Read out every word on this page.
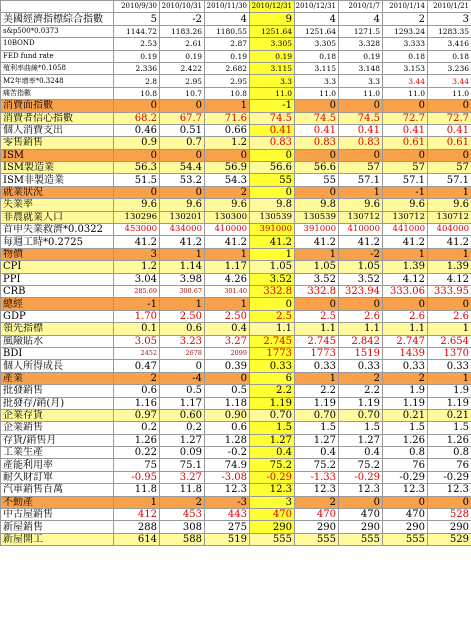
	2010/9/30	2010/10/31	2010/11/30	2010/12/31	2010/12/31	2010/1/7	2010/1/14	2010/1/21
美國經濟指標綜合指數	5	-2	4	9	4	4	2	3
s&p500*0.0373	1144.72	1183.26	1180.55	1251.64	1251.64	1271.5	1293.24	1283.35
10BOND	2.53	2.61	2.87	3.305	3.305	3.328	3.333	3.416
FED fund rate	0.19	0.19	0.19	0.19	0.18	0.19	0.18	0.18
殖利率曲線*0.1058	2.336	2.422	2.682	3.115	3.115	3.148	3.153	3.236
M2年增率*0.3248	2.8	2.95	2.95	3.3	3.3	3.3	3.44	3.44
痛苦指數	10.8	10.7	10.8	11.0	11.0	11.0	11.0	11.0
消費面指數	0	0	1	-1	0	0	0	0
消費者信心指數	68.2	67.7	71.6	74.5	74.5	74.5	72.7	72.7
個人消費支出	0.46	0.51	0.66	0.41	0.41	0.41	0.41	0.41
零售銷售	0.9	0.7	1.2	0.83	0.83	0.83	0.61	0.61
ISM	0	0	0	0	0	0	0	0
ISM製造業	56.3	54.4	56.9	56.6	56.6	57	57	57
ISM非製造業	51.5	53.2	54.3	55	55	57.1	57.1	57.1
就業狀況	0	0	2	0	0	1	-1	1
失業率	9.6	9.6	9.6	9.8	9.8	9.6	9.6	9.6
非農就業人口	130296	130201	130300	130539	130539	130712	130712	130712
首申失業救濟*0.0322	453000	434000	410000	391000	391000	410000	441000	404000
每週工時*0.2725	41.2	41.2	41.2	41.2	41.2	41.2	41.2	41.2
物價	3	1	1	1	1	-2	1	1
CPI	1.2	1.14	1.17	1.05	1.05	1.05	1.39	1.39
PPI	3.04	3.98	4.26	3.52	3.52	3.52	4.12	4.12
CRB	285.69	300.67	301.40	332.8	332.8	323.94	333.06	333.95
總經	-1	1	1	0	0	0	0	0
GDP	1.70	2.50	2.50	2.5	2.5	2.6	2.6	2.6
領先指標	0.1	0.6	0.4	1.1	1.1	1.1	1.1	1
風險貼水	3.05	3.23	3.27	2.745	2.745	2.842	2.747	2.654
BDI	2452	2678	2099	1773	1773	1519	1439	1370
個人所得成長	0.47	0	0.39	0.33	0.33	0.33	0.33	0.33
產業	2	-4	0	6	1	2	2	1
批發銷售	0.6	0.5	0.5	2.2	2.2	2.2	1.9	1.9
批發存/銷(月)	1.16	1.17	1.18	1.19	1.19	1.19	1.19	1.19
企業存貨	0.97	0.60	0.90	0.70	0.70	0.70	0.21	0.21
企業銷售	0.2	0.2	0.6	1.5	1.5	1.5	1.5	1.5
存貨/銷售月	1.26	1.27	1.28	1.27	1.27	1.27	1.26	1.26
工業生產	0.22	0.09	-0.2	0.4	0.4	0.4	0.8	0.8
產能利用率	75	75.1	74.9	75.2	75.2	75.2	76	76
耐久財訂單	-0.95	3.27	-3.08	-0.29	-1.33	-0.29	-0.29	-0.29
汽車銷售百萬	11.8	11.8	12.3	12.3	12.3	12.3	12.3	12.3
不動產	1	2	-3	3	2	0	0	0
中古屋銷售	412	453	443	470	470	470	470	528
新屋銷售	288	308	275	290	290	290	290	290
新屋開工	614	588	519	555	555	555	555	529
